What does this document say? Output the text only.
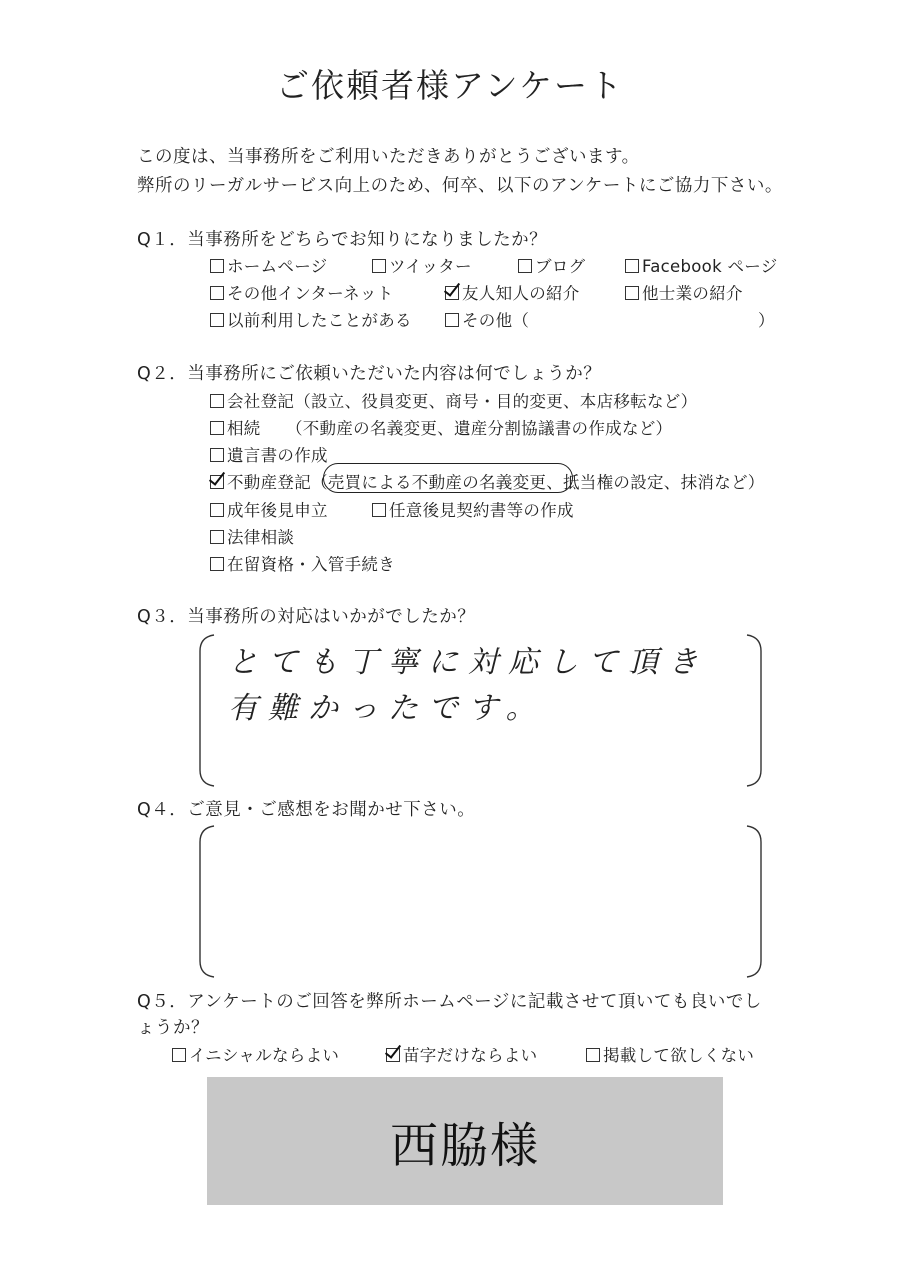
ご依頼者様アンケート
この度は、当事務所をご利用いただきありがとうございます。
弊所のリーガルサービス向上のため、何卒、以下のアンケートにご協力下さい。
Q１．当事務所をどちらでお知りになりましたか？
ホームページ	ツイッター	ブログ	Facebook ページ
その他インターネット	友人知人の紹介	他士業の紹介
以前利用したことがある	その他（	）
Q２．当事務所にご依頼いただいた内容は何でしょうか？
会社登記（設立、役員変更、商号・目的変更、本店移転など）
相続　　（不動産の名義変更、遺産分割協議書の作成など）
遺言書の作成
不動産登記（売買による不動産の名義変更、抵当権の設定、抹消など）
成年後見申立	任意後見契約書等の作成
法律相談
在留資格・入管手続き
Q３．当事務所の対応はいかがでしたか？
とても丁寧に対応して頂き
有難かったです。
Q４．ご意見・ご感想をお聞かせ下さい。
Q５．アンケートのご回答を弊所ホームページに記載させて頂いても良いでし
ょうか？
イニシャルならよい	苗字だけならよい	掲載して欲しくない
西脇様
